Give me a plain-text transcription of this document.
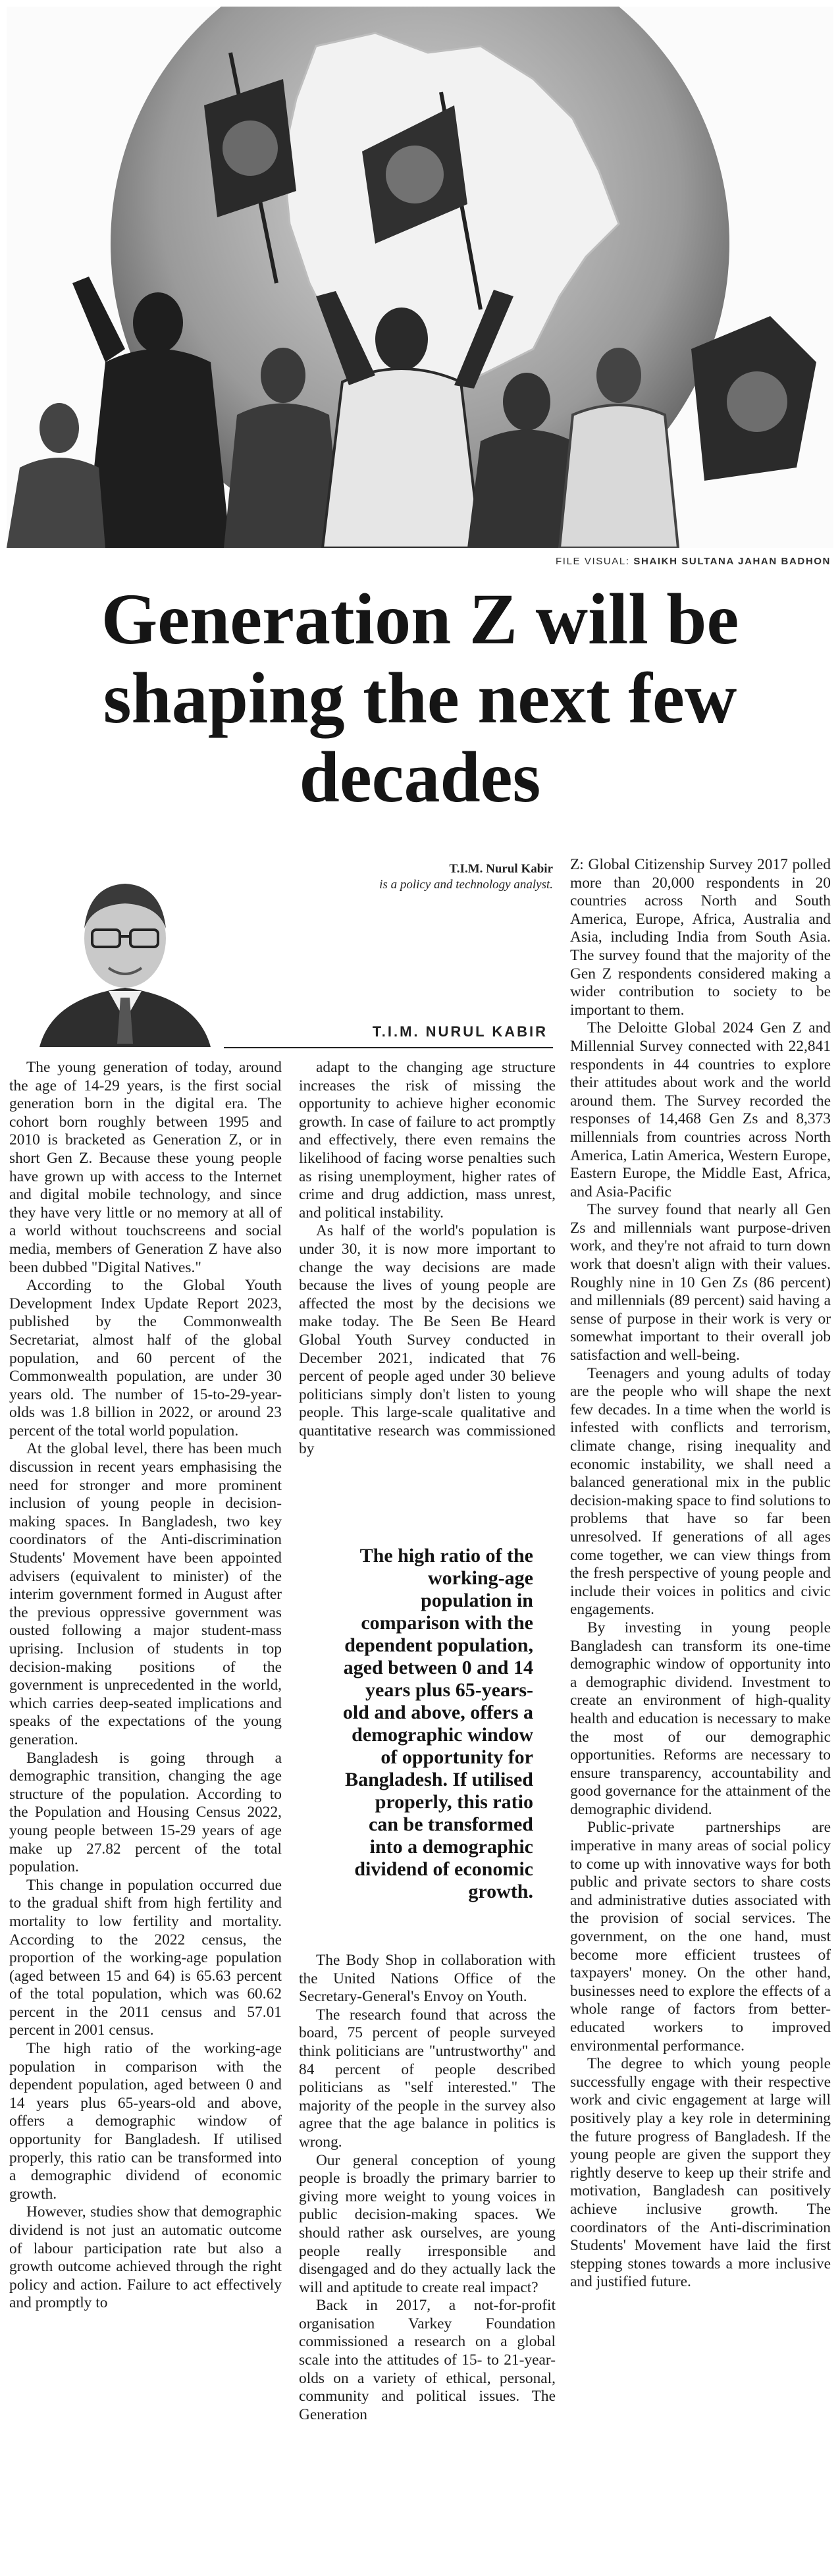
FILE VISUAL: SHAIKH SULTANA JAHAN BADHON
Generation Z will be shaping the next few decades
T.I.M. Nurul Kabir
is a policy and technology analyst.
T.I.M. NURUL KABIR

The young generation of today, around the age of 14-29 years, is the first social generation born in the digital era. The cohort born roughly between 1995 and 2010 is bracketed as Generation Z, or in short Gen Z. Because these young people have grown up with access to the Internet and digital mobile technology, and since they have very little or no memory at all of a world without touchscreens and social media, members of Generation Z have also been dubbed "Digital Natives."

According to the Global Youth Development Index Update Report 2023, published by the Commonwealth Secretariat, almost half of the global population, and 60 percent of the Commonwealth population, are under 30 years old. The number of 15-to-29-year-olds was 1.8 billion in 2022, or around 23 percent of the total world population.

At the global level, there has been much discussion in recent years emphasising the need for stronger and more prominent inclusion of young people in decision-making spaces. In Bangladesh, two key coordinators of the Anti-discrimination Students' Movement have been appointed advisers (equivalent to minister) of the interim government formed in August after the previous oppressive government was ousted following a major student-mass uprising. Inclusion of students in top decision-making positions of the government is unprecedented in the world, which carries deep-seated implications and speaks of the expectations of the young generation.

Bangladesh is going through a demographic transition, changing the age structure of the population. According to the Population and Housing Census 2022, young people between 15-29 years of age make up 27.82 percent of the total population.

This change in population occurred due to the gradual shift from high fertility and mortality to low fertility and mortality. According to the 2022 census, the proportion of the working-age population (aged between 15 and 64) is 65.63 percent of the total population, which was 60.62 percent in the 2011 census and 57.01 percent in 2001 census.

The high ratio of the working-age population in comparison with the dependent population, aged between 0 and 14 years plus 65-years-old and above, offers a demographic window of opportunity for Bangladesh. If utilised properly, this ratio can be transformed into a demographic dividend of economic growth.

However, studies show that demographic dividend is not just an automatic outcome of labour participation rate but also a growth outcome achieved through the right policy and action. Failure to act effectively and promptly to

adapt to the changing age structure increases the risk of missing the opportunity to achieve higher economic growth. In case of failure to act promptly and effectively, there even remains the likelihood of facing worse penalties such as rising unemployment, higher rates of crime and drug addiction, mass unrest, and political instability.

As half of the world's population is under 30, it is now more important to change the way decisions are made because the lives of young people are affected the most by the decisions we make today. The Be Seen Be Heard Global Youth Survey conducted in December 2021, indicated that 76 percent of people aged under 30 believe politicians simply don't listen to young people. This large-scale qualitative and quantitative research was commissioned by

The high ratio of the working-age population in comparison with the dependent population, aged between 0 and 14 years plus 65-years-old and above, offers a demographic window of opportunity for Bangladesh. If utilised properly, this ratio can be transformed into a demographic dividend of economic growth.

The Body Shop in collaboration with the United Nations Office of the Secretary-General's Envoy on Youth.

The research found that across the board, 75 percent of people surveyed think politicians are "untrustworthy" and 84 percent of people described politicians as "self interested." The majority of the people in the survey also agree that the age balance in politics is wrong.

Our general conception of young people is broadly the primary barrier to giving more weight to young voices in public decision-making spaces. We should rather ask ourselves, are young people really irresponsible and disengaged and do they actually lack the will and aptitude to create real impact?

Back in 2017, a not-for-profit organisation Varkey Foundation commissioned a research on a global scale into the attitudes of 15- to 21-year-olds on a variety of ethical, personal, community and political issues. The Generation

Z: Global Citizenship Survey 2017 polled more than 20,000 respondents in 20 countries across North and South America, Europe, Africa, Australia and Asia, including India from South Asia. The survey found that the majority of the Gen Z respondents considered making a wider contribution to society to be important to them.

The Deloitte Global 2024 Gen Z and Millennial Survey connected with 22,841 respondents in 44 countries to explore their attitudes about work and the world around them. The Survey recorded the responses of 14,468 Gen Zs and 8,373 millennials from countries across North America, Latin America, Western Europe, Eastern Europe, the Middle East, Africa, and Asia-Pacific

The survey found that nearly all Gen Zs and millennials want purpose-driven work, and they're not afraid to turn down work that doesn't align with their values. Roughly nine in 10 Gen Zs (86 percent) and millennials (89 percent) said having a sense of purpose in their work is very or somewhat important to their overall job satisfaction and well-being.

Teenagers and young adults of today are the people who will shape the next few decades. In a time when the world is infested with conflicts and terrorism, climate change, rising inequality and economic instability, we shall need a balanced generational mix in the public decision-making space to find solutions to problems that have so far been unresolved. If generations of all ages come together, we can view things from the fresh perspective of young people and include their voices in politics and civic engagements.

By investing in young people Bangladesh can transform its one-time demographic window of opportunity into a demographic dividend. Investment to create an environment of high-quality health and education is necessary to make the most of our demographic opportunities. Reforms are necessary to ensure transparency, accountability and good governance for the attainment of the demographic dividend.

Public-private partnerships are imperative in many areas of social policy to come up with innovative ways for both public and private sectors to share costs and administrative duties associated with the provision of social services. The government, on the one hand, must become more efficient trustees of taxpayers' money. On the other hand, businesses need to explore the effects of a whole range of factors from better-educated workers to improved environmental performance.

The degree to which young people successfully engage with their respective work and civic engagement at large will positively play a key role in determining the future progress of Bangladesh. If the young people are given the support they rightly deserve to keep up their strife and motivation, Bangladesh can positively achieve inclusive growth. The coordinators of the Anti-discrimination Students' Movement have laid the first stepping stones towards a more inclusive and justified future.
